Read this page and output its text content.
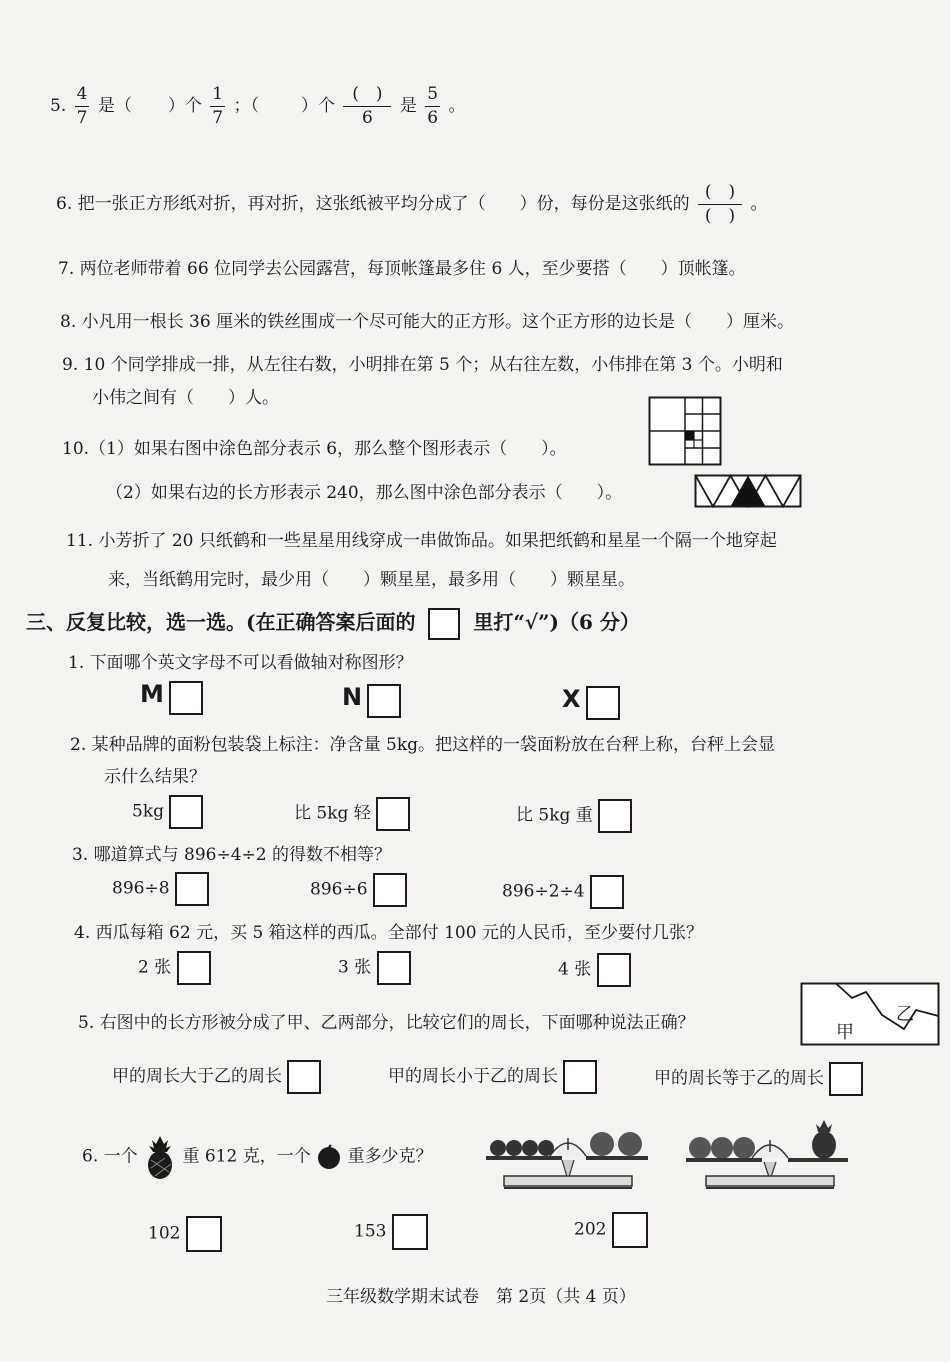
5. $\frac{4}{7}$ 是（ ）个 $\frac{1}{7}$ ；（ ）个 $\frac{( )}{6}$ 是 $\frac{5}{6}$ 。
6. 把一张正方形纸对折，再对折，这张纸被平均分成了（　　）份，每份是这张纸的 $\frac{( )}{( )}$ 。
7. 两位老师带着 66 位同学去公园露营，每顶帐篷最多住 6 人，至少要搭（　　）顶帐篷。
8. 小凡用一根长 36 厘米的铁丝围成一个尽可能大的正方形。这个正方形的边长是（　　）厘米。
9. 10 个同学排成一排，从左往右数，小明排在第 5 个；从右往左数，小伟排在第 3 个。小明和
小伟之间有（　　）人。
10.（1）如果右图中涂色部分表示 6，那么整个图形表示（　　）。
（2）如果右边的长方形表示 240，那么图中涂色部分表示（　　）。
11. 小芳折了 20 只纸鹤和一些星星用线穿成一串做饰品。如果把纸鹤和星星一个隔一个地穿起
来，当纸鹤用完时，最少用（　　）颗星星，最多用（　　）颗星星。
三、反复比较，选一选。(在正确答案后面的	里打“√”)（6 分）
1. 下面哪个英文字母不可以看做轴对称图形？
M	N	X
2. 某种品牌的面粉包装袋上标注：净含量 5kg。把这样的一袋面粉放在台秤上称，台秤上会显
示什么结果？
5kg	比 5kg 轻	比 5kg 重
3. 哪道算式与 896÷4÷2 的得数不相等？
896÷8	896÷6	896÷2÷4
4. 西瓜每箱 62 元，买 5 箱这样的西瓜。全部付 100 元的人民币，至少要付几张？
2 张	3 张	4 张
5. 右图中的长方形被分成了甲、乙两部分，比较它们的周长，下面哪种说法正确？	甲
乙
甲的周长大于乙的周长	甲的周长小于乙的周长	甲的周长等于乙的周长
6. 一个	重 612 克，一个 重多少克？
102	153	202
三年级数学期末试卷　第 2页（共 4 页）
